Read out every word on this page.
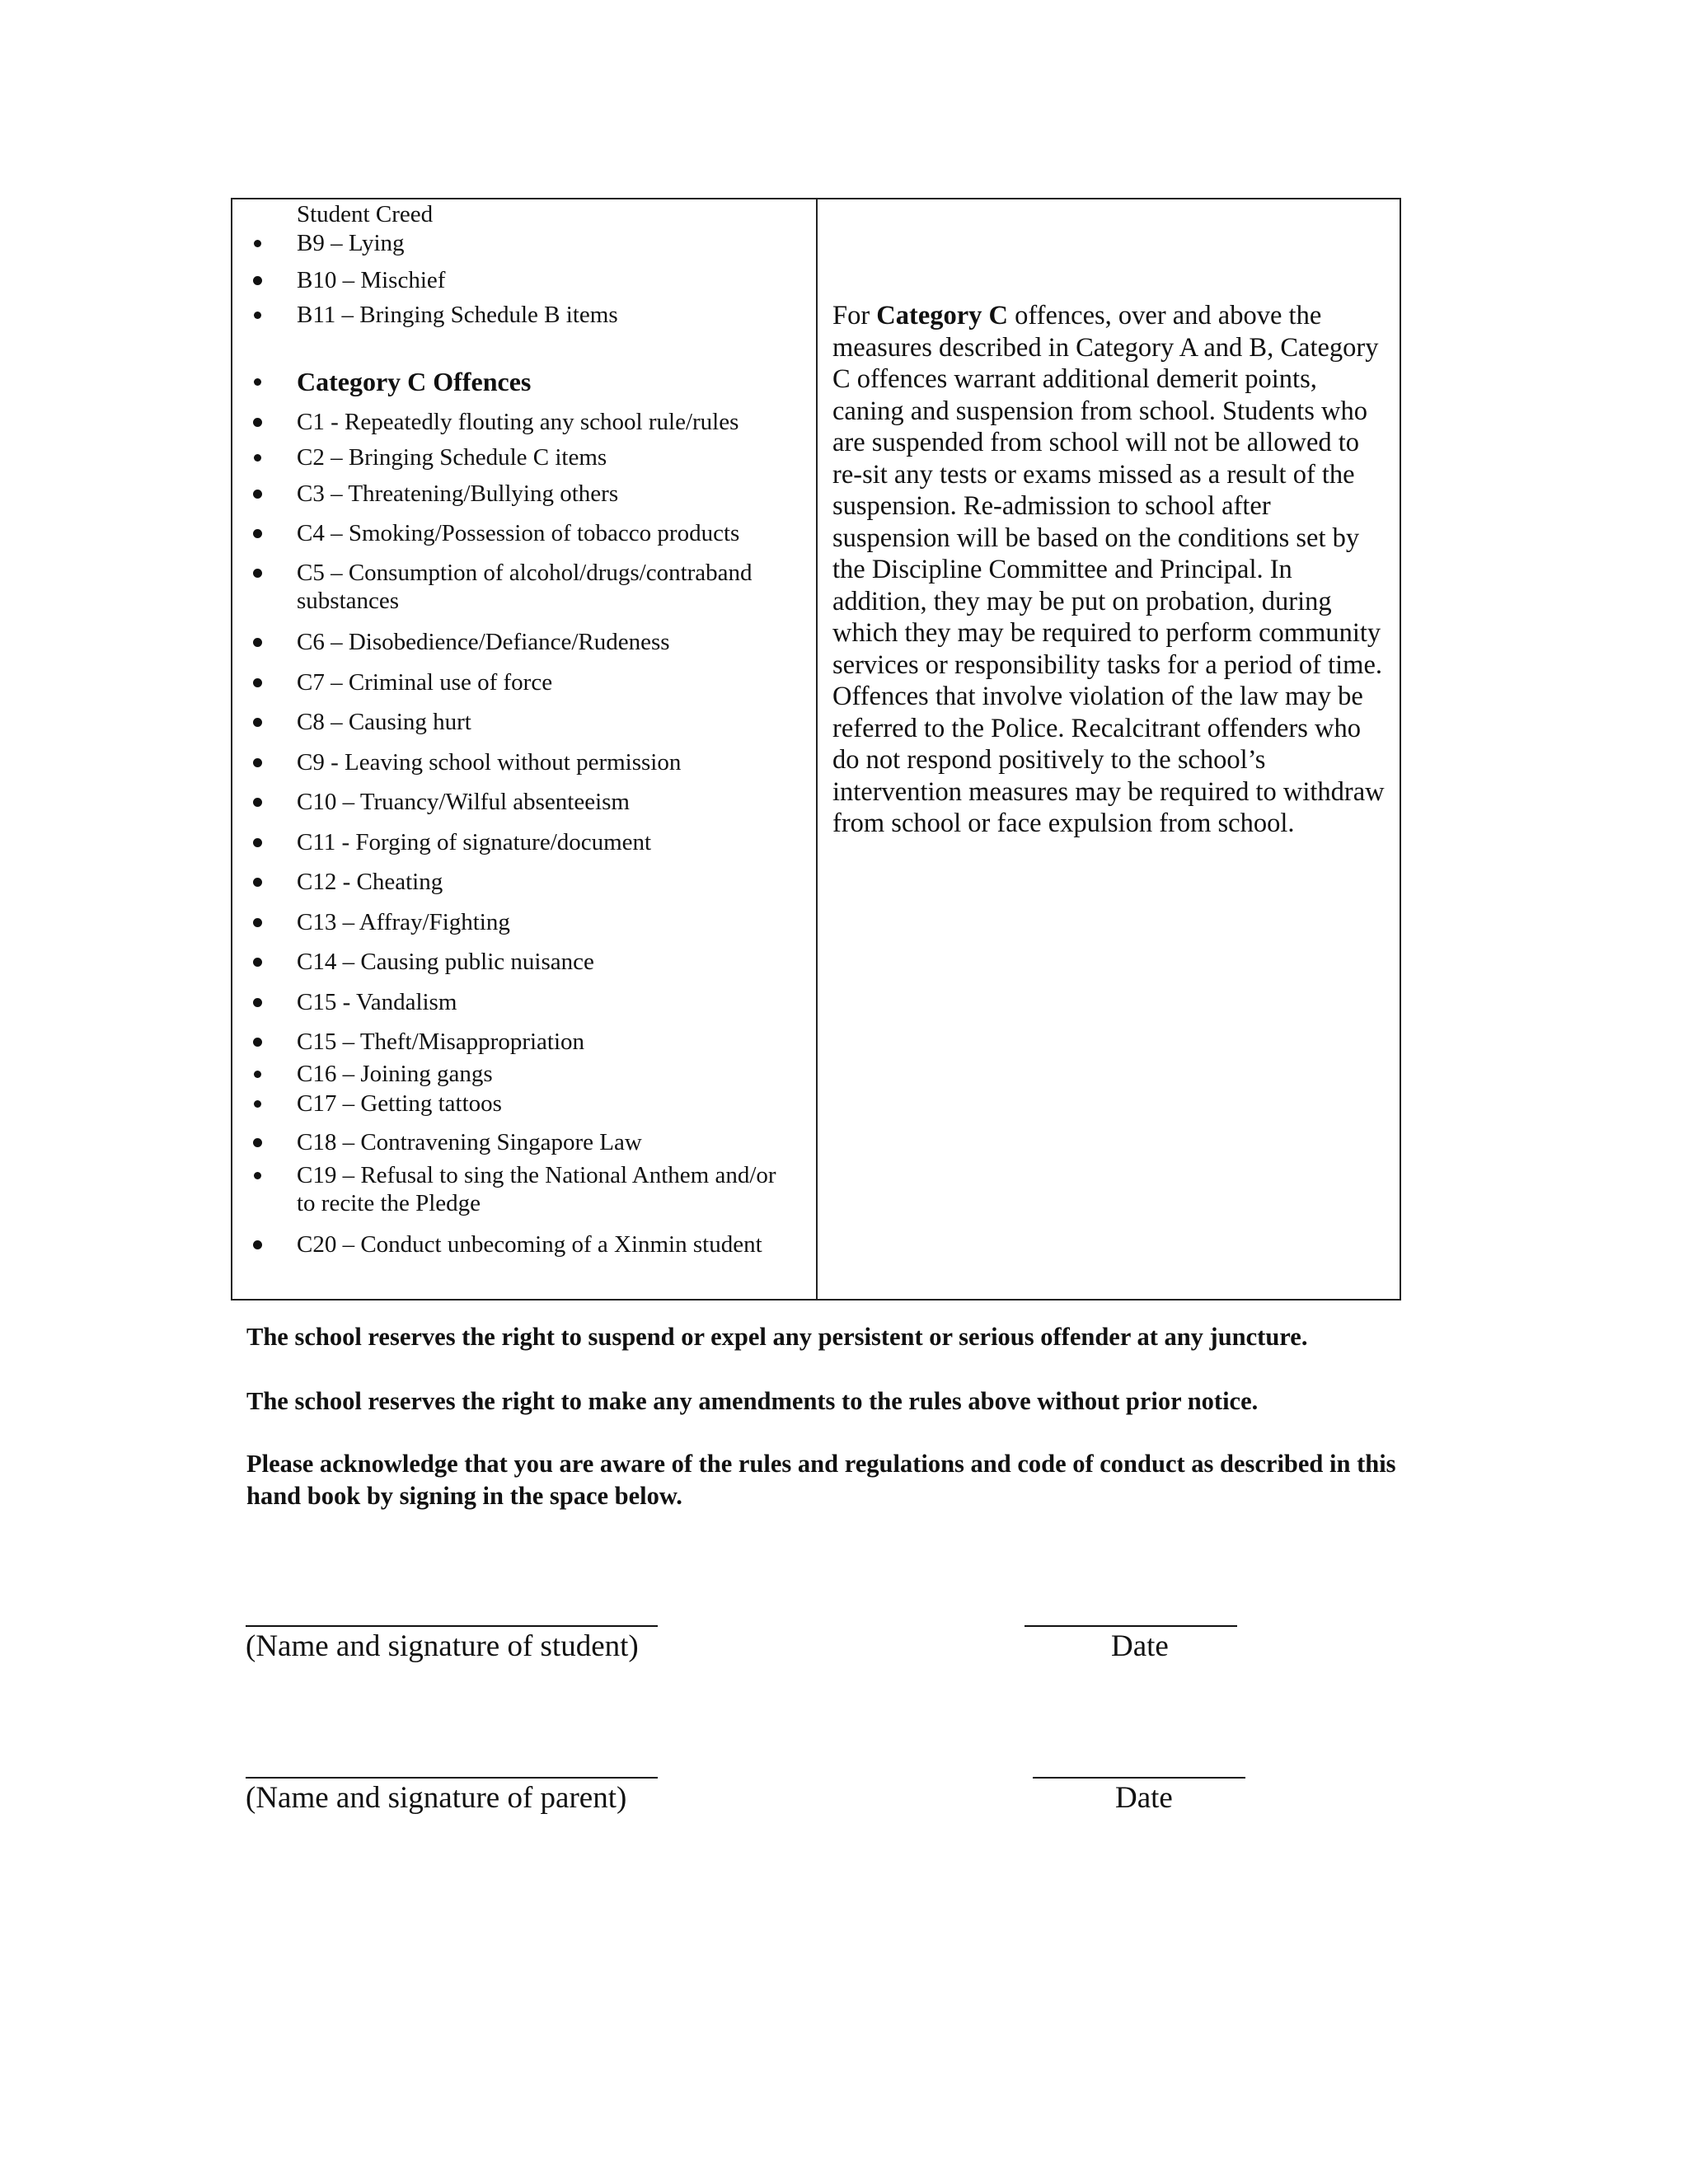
Student Creed
B9 – Lying
B10 – Mischief
B11 – Bringing Schedule B items
Category C Offences
C1 - Repeatedly flouting any school rule/rules
C2 – Bringing Schedule C items
C3 – Threatening/Bullying others
C4 – Smoking/Possession of tobacco products
C5 – Consumption of alcohol/drugs/contraband substances
C6 – Disobedience/Defiance/Rudeness
C7 – Criminal use of force
C8 – Causing hurt
C9 - Leaving school without permission
C10 – Truancy/Wilful absenteeism
C11 - Forging of signature/document
C12 - Cheating
C13 – Affray/Fighting
C14 – Causing public nuisance
C15 - Vandalism
C15 – Theft/Misappropriation
C16 – Joining gangs
C17 – Getting tattoos
C18 – Contravening Singapore Law
C19 – Refusal to sing the National Anthem and/or to recite the Pledge
C20 – Conduct unbecoming of a Xinmin student

For Category C offences, over and above the measures described in Category A and B, Category C offences warrant additional demerit points, caning and suspension from school. Students who are suspended from school will not be allowed to re-sit any tests or exams missed as a result of the suspension. Re-admission to school after suspension will be based on the conditions set by the Discipline Committee and Principal. In addition, they may be put on probation, during which they may be required to perform community services or responsibility tasks for a period of time. Offences that involve violation of the law may be referred to the Police. Recalcitrant offenders who do not respond positively to the school’s intervention measures may be required to withdraw from school or face expulsion from school.

The school reserves the right to suspend or expel any persistent or serious offender at any juncture.

The school reserves the right to make any amendments to the rules above without prior notice.

Please acknowledge that you are aware of the rules and regulations and code of conduct as described in this hand book by signing in the space below.

(Name and signature of student)	Date
(Name and signature of parent)	Date
